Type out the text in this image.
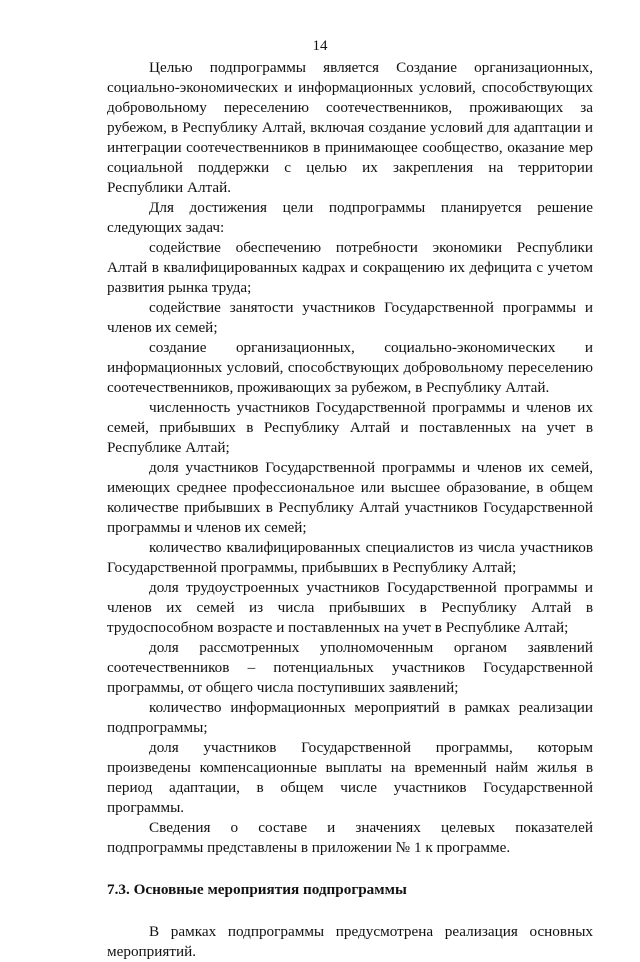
14

Целью подпрограммы является Создание организационных, социально-экономических и информационных условий, способствующих добровольному переселению соотечественников, проживающих за рубежом, в Республику Алтай, включая создание условий для адаптации и интеграции соотечественников в принимающее сообщество, оказание мер социальной поддержки с целью их закрепления на территории Республики Алтай.

Для достижения цели подпрограммы планируется решение следующих задач:

содействие обеспечению потребности экономики Республики Алтай в квалифицированных кадрах и сокращению их дефицита с учетом развития рынка труда;

содействие занятости участников Государственной программы и членов их семей;

создание организационных, социально-экономических и информационных условий, способствующих добровольному переселению соотечественников, проживающих за рубежом, в Республику Алтай.

численность участников Государственной программы и членов их семей, прибывших в Республику Алтай и поставленных на учет в Республике Алтай;

доля участников Государственной программы и членов их семей, имеющих среднее профессиональное или высшее образование, в общем количестве прибывших в Республику Алтай участников Государственной программы и членов их семей;

количество квалифицированных специалистов из числа участников Государственной программы, прибывших в Республику Алтай;

доля трудоустроенных участников Государственной программы и членов их семей из числа прибывших в Республику Алтай в трудоспособном возрасте и поставленных на учет в Республике Алтай;

доля рассмотренных уполномоченным органом заявлений соотечественников – потенциальных участников Государственной программы, от общего числа поступивших заявлений;

количество информационных мероприятий в рамках реализации подпрограммы;

доля участников Государственной программы, которым произведены компенсационные выплаты на временный найм жилья в период адаптации, в общем числе участников Государственной программы.

Сведения о составе и значениях целевых показателей подпрограммы представлены в приложении № 1 к программе.

7.3. Основные мероприятия подпрограммы

В рамках подпрограммы предусмотрена реализация основных мероприятий.
